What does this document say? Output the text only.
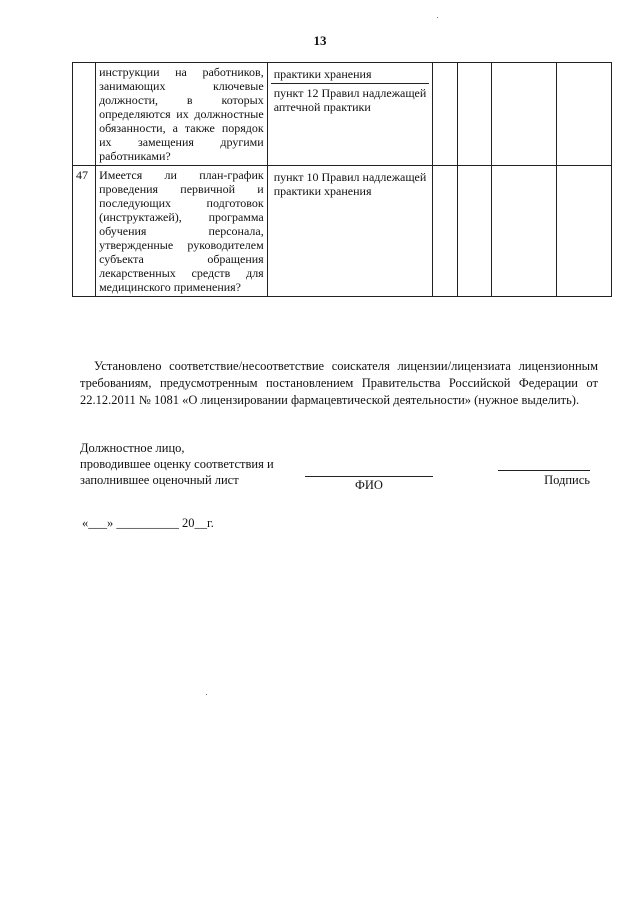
13
	инструкции на работников, занимающих ключевые должности, в которых определяются их должностные обязанности, а также порядок их замещения другими работниками?	практики хранения
пункт 12 Правил надлежащей аптечной практики				

47	Имеется ли план-график проведения первичной и последующих подготовок (инструктажей), программа обучения персонала, утвержденные руководителем субъекта обращения лекарственных средств для медицинского применения?	пункт 10 Правил надлежащей практики хранения				

Установлено соответствие/несоответствие соискателя лицензии/лицензиата лицензионным требованиям, предусмотренным постановлением Правительства Российской Федерации от 22.12.2011 № 1081 «О лицензировании фармацевтической деятельности» (нужное выделить).
Должностное лицо,
проводившее оценку соответствия и
заполнившее оценочный лист	ФИО	Подпись
«___» __________ 20__г.
